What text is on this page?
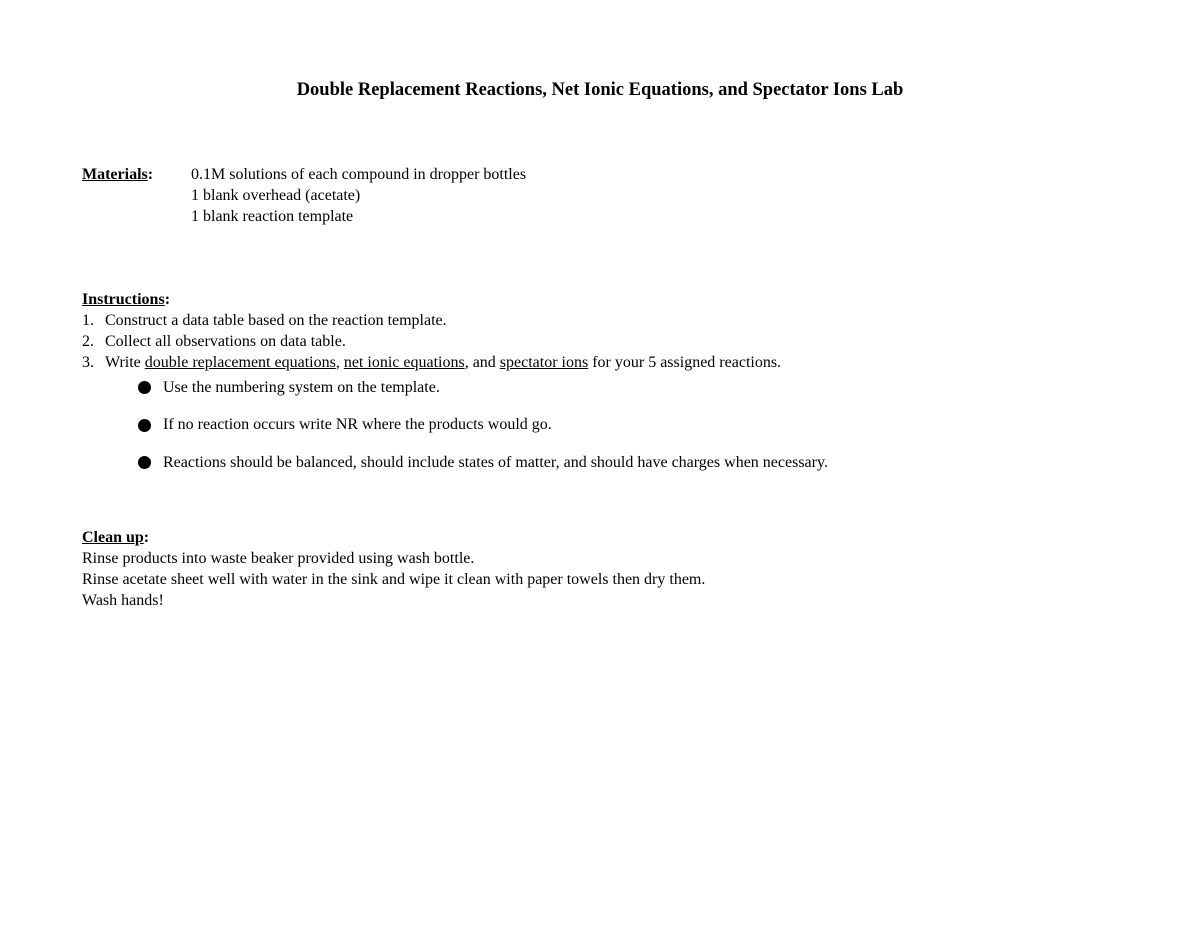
Double Replacement Reactions, Net Ionic Equations, and Spectator Ions Lab
Materials:	0.1M solutions of each compound in dropper bottles
1 blank overhead (acetate)
1 blank reaction template
Instructions:
1. Construct a data table based on the reaction template.
2. Collect all observations on data table.
3. Write double replacement equations, net ionic equations, and spectator ions for your 5 assigned reactions.
Use the numbering system on the template.
If no reaction occurs write NR where the products would go.
Reactions should be balanced, should include states of matter, and should have charges when necessary.
Clean up:
Rinse products into waste beaker provided using wash bottle.
Rinse acetate sheet well with water in the sink and wipe it clean with paper towels then dry them.
Wash hands!
